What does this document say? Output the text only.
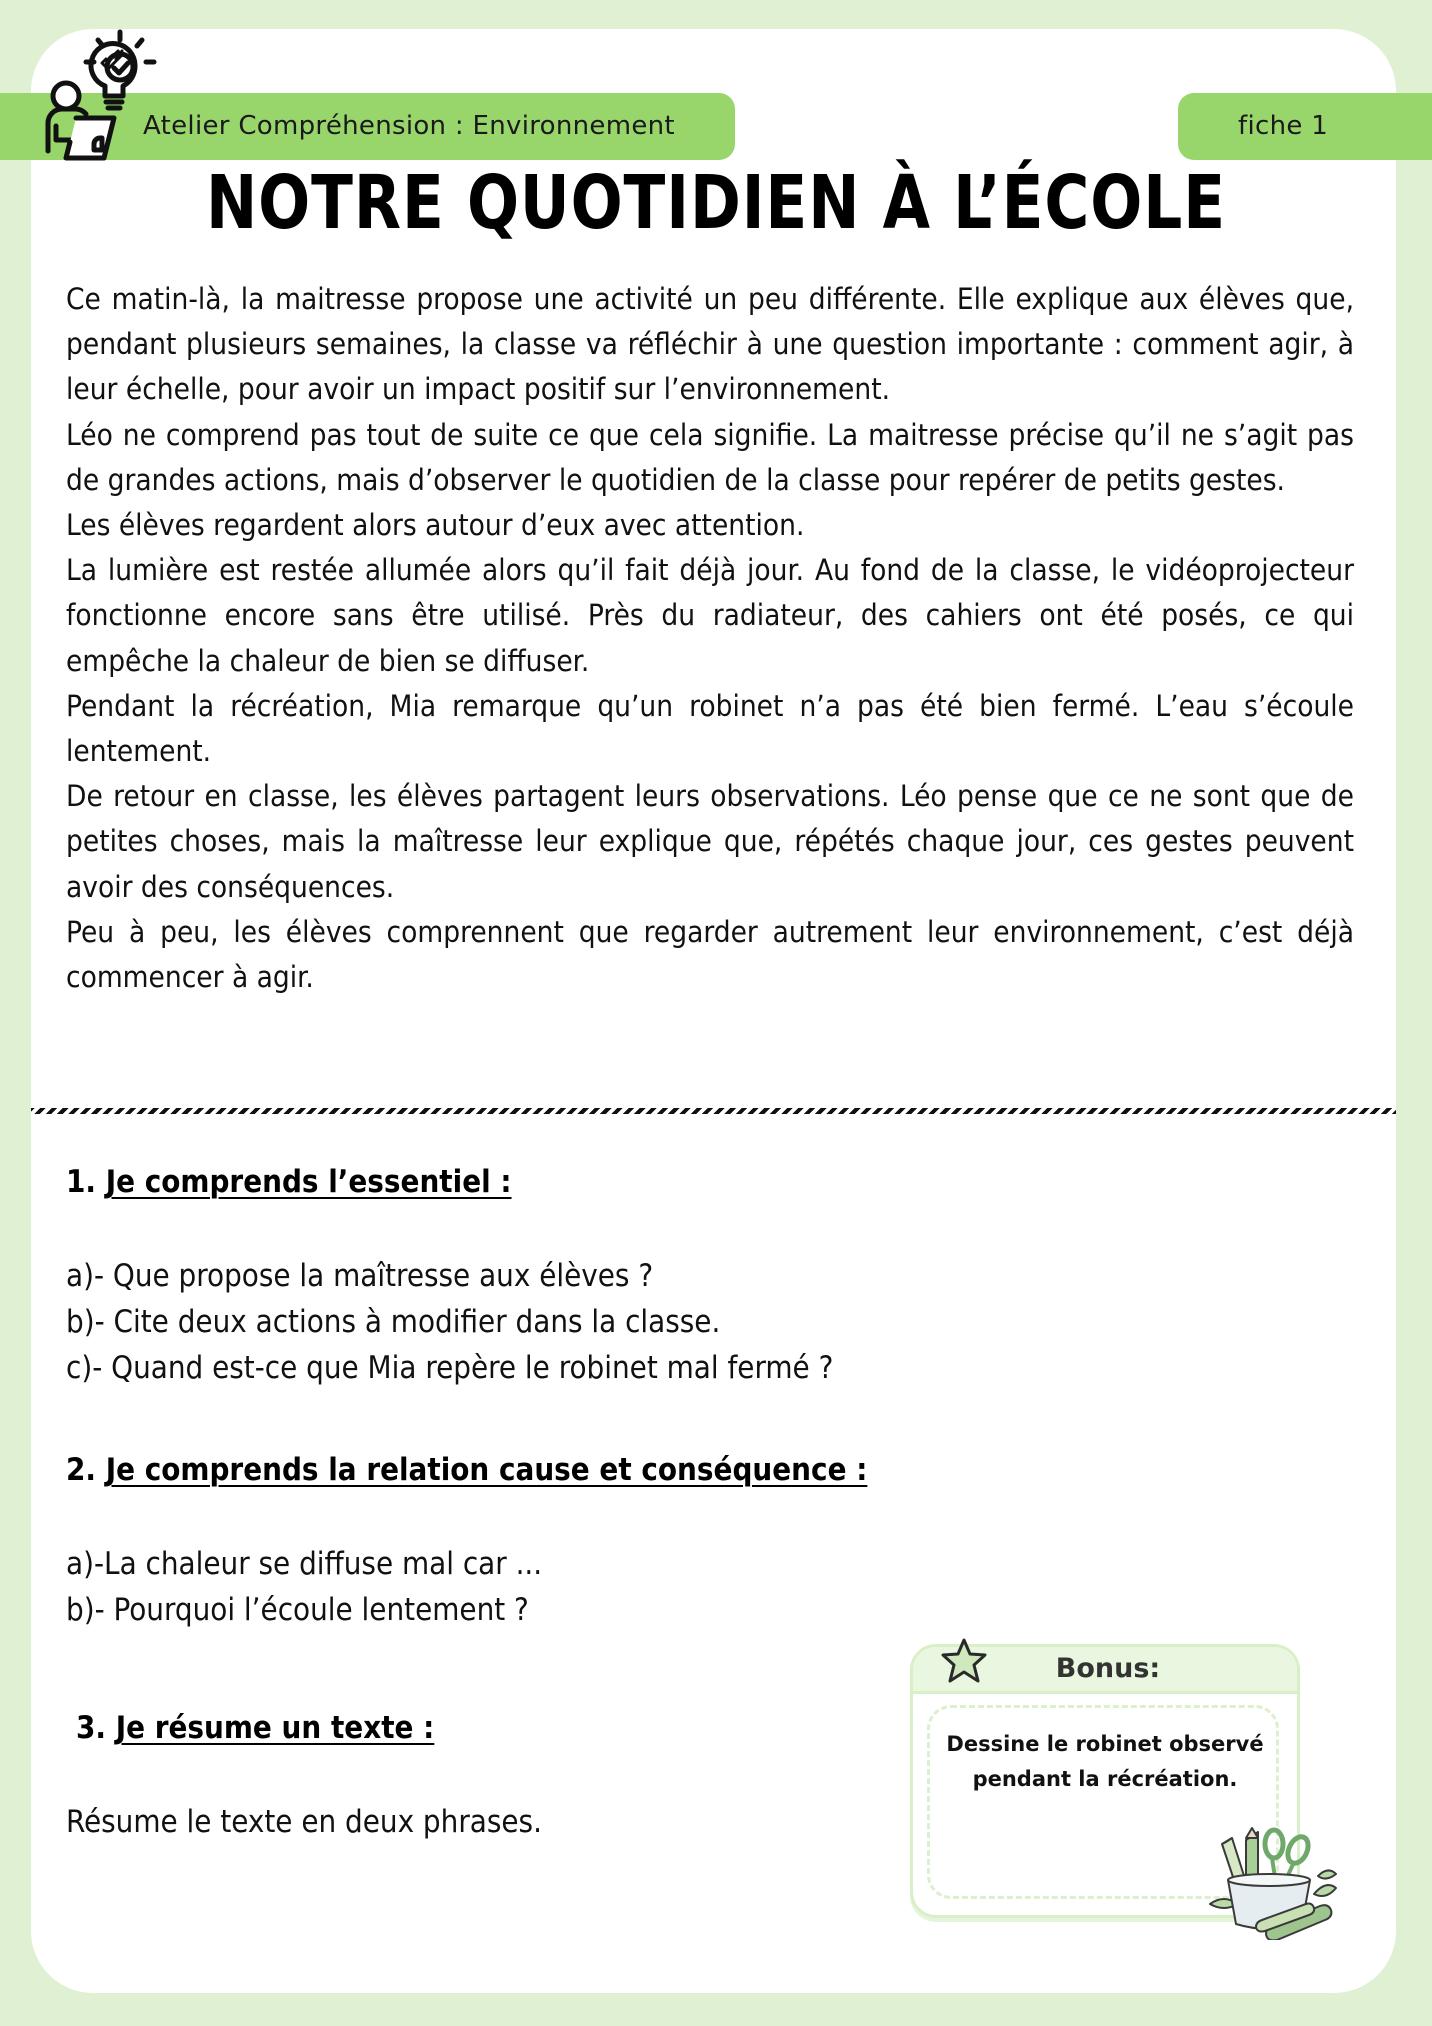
Atelier Compréhension : Environnement	fiche 1
NOTRE QUOTIDIEN À L’ÉCOLE

Ce matin-là, la maitresse propose une activité un peu différente. Elle explique aux élèves que, pendant plusieurs semaines, la classe va réfléchir à une question importante : comment agir, à leur échelle, pour avoir un impact positif sur l’environnement.

Léo ne comprend pas tout de suite ce que cela signifie. La maitresse précise qu’il ne s’agit pas de grandes actions, mais d’observer le quotidien de la classe pour repérer de petits gestes.

Les élèves regardent alors autour d’eux avec attention.

La lumière est restée allumée alors qu’il fait déjà jour. Au fond de la classe, le vidéoprojecteur fonctionne encore sans être utilisé. Près du radiateur, des cahiers ont été posés, ce qui empêche la chaleur de bien se diffuser.

Pendant la récréation, Mia remarque qu’un robinet n’a pas été bien fermé. L’eau s’écoule lentement.

De retour en classe, les élèves partagent leurs observations. Léo pense que ce ne sont que de petites choses, mais la maîtresse leur explique que, répétés chaque jour, ces gestes peuvent avoir des conséquences.

Peu à peu, les élèves comprennent que regarder autrement leur environnement, c’est déjà commencer à agir.

1. Je comprends l’essentiel :
a)- Que propose la maîtresse aux élèves ?
b)- Cite deux actions à modifier dans la classe.
c)- Quand est-ce que Mia repère le robinet mal fermé ?
2. Je comprends la relation cause et conséquence :
a)-La chaleur se diffuse mal car ...
b)- Pourquoi l’écoule lentement ?
3. Je résume un texte :
Résume le texte en deux phrases.
Bonus:
Dessine le robinet observé
pendant la récréation.
